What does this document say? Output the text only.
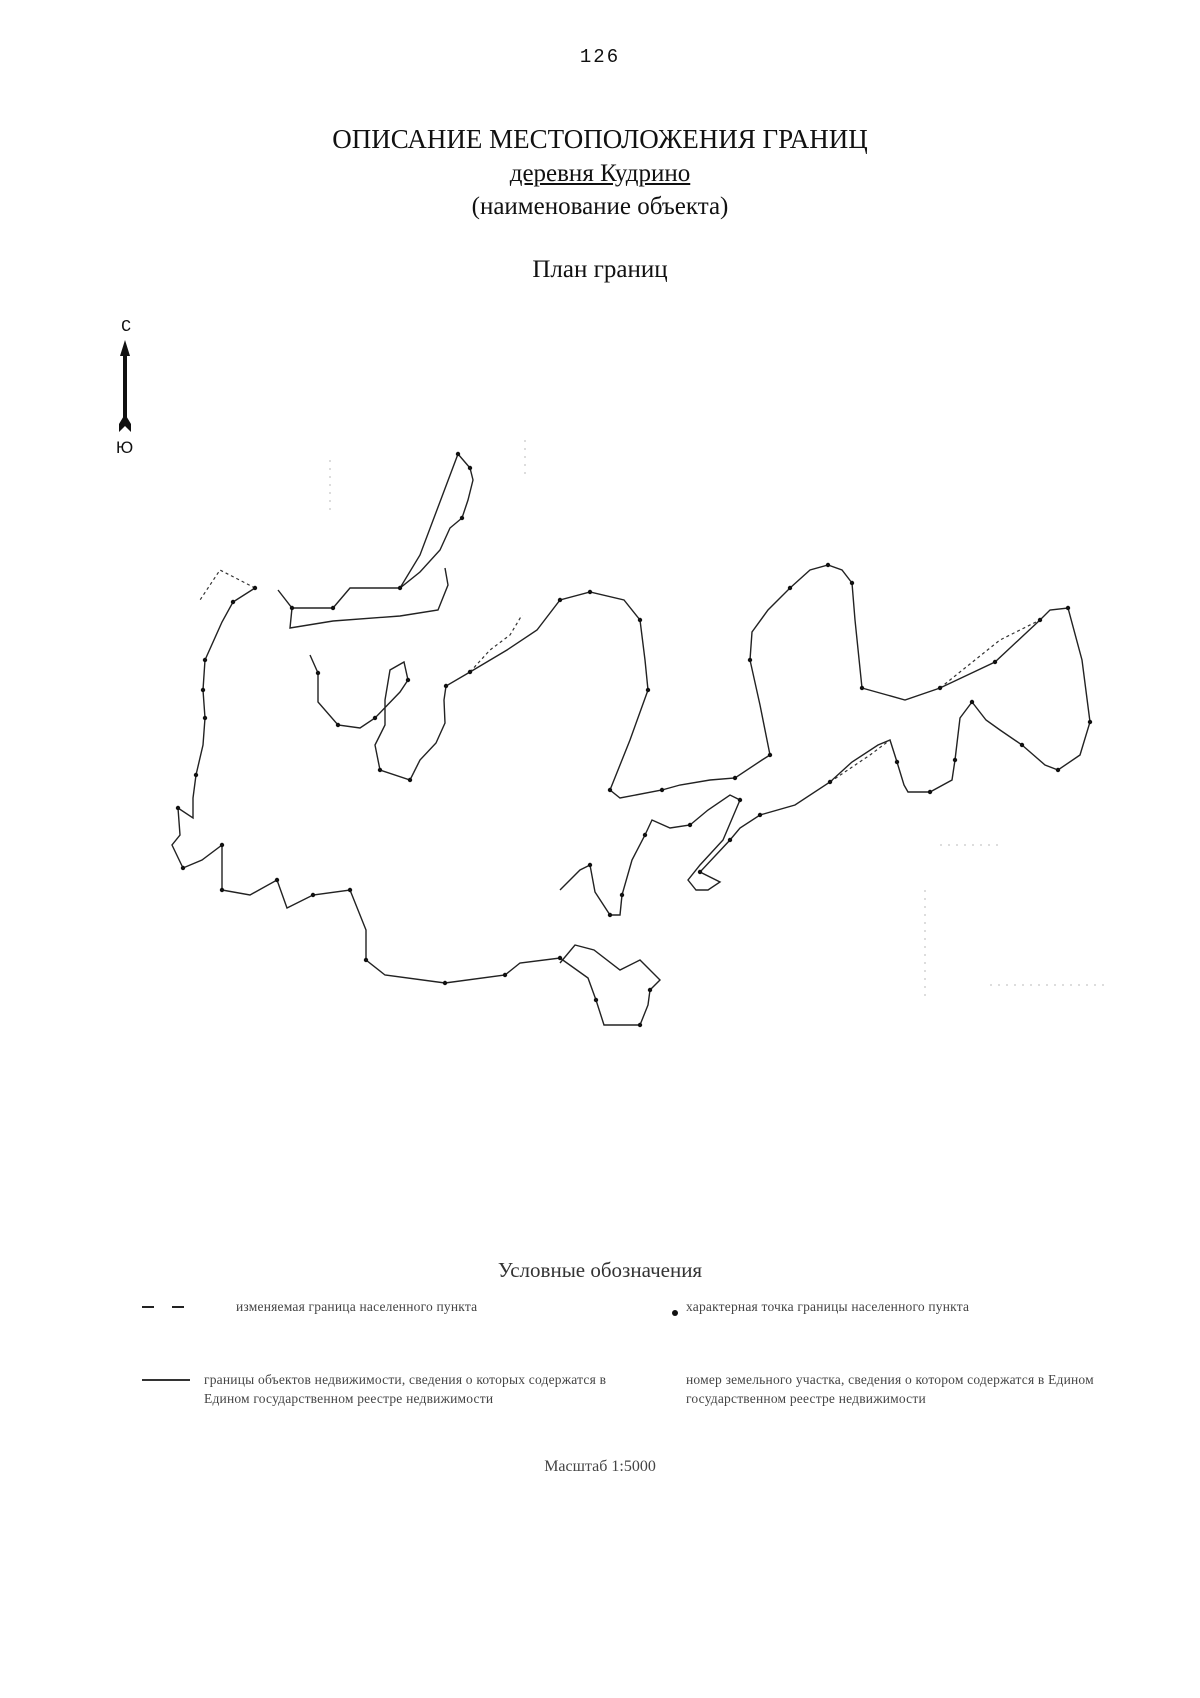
126
ОПИСАНИЕ МЕСТОПОЛОЖЕНИЯ ГРАНИЦ
деревня Кудрино
(наименование объекта)
План границ
С
Ю
Условные обозначения
изменяемая граница населенного пункта	характерная точка границы населенного пункта
границы объектов недвижимости, сведения о которых содержатся в Едином государственном реестре недвижимости
номер земельного участка, сведения о котором содержатся в Едином государственном реестре недвижимости
Масштаб 1:5000
